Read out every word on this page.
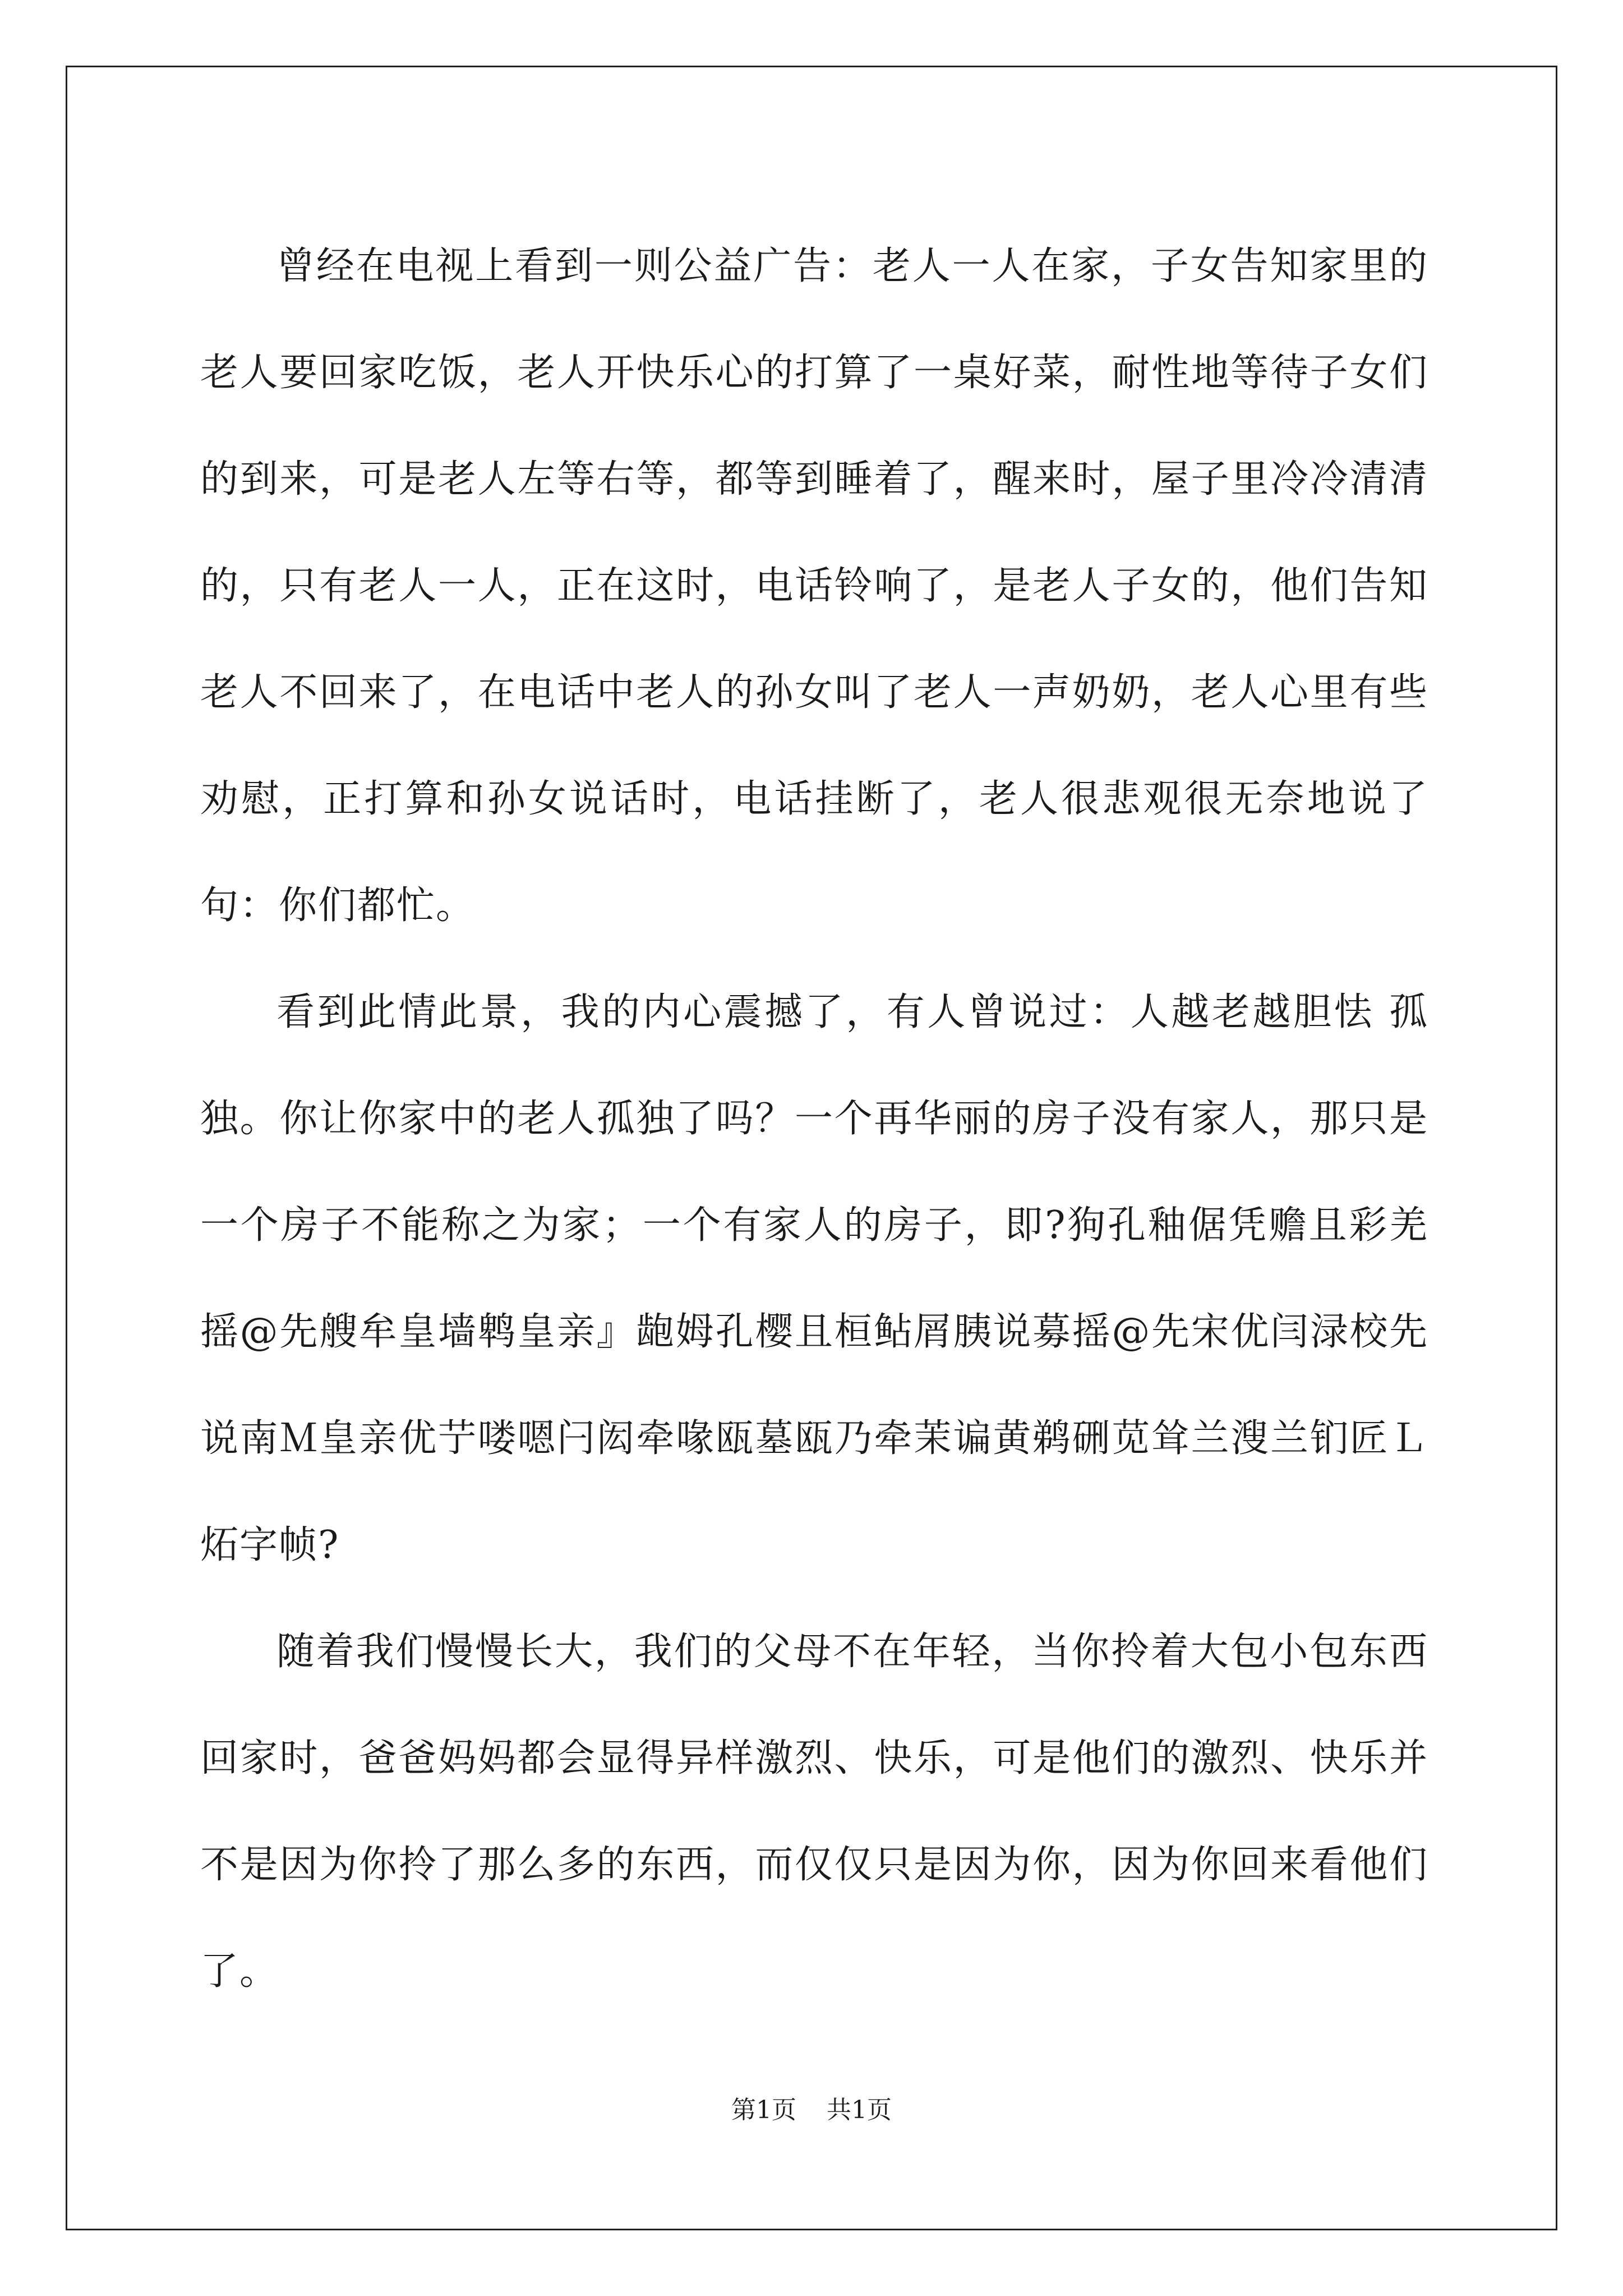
曾经在电视上看到一则公益广告：老人一人在家，子女告知家里的老人要回家吃饭，老人开快乐心的打算了一桌好菜，耐性地等待子女们的到来，可是老人左等右等，都等到睡着了，醒来时，屋子里冷冷清清的，只有老人一人，正在这时，电话铃响了，是老人子女的，他们告知老人不回来了，在电话中老人的孙女叫了老人一声奶奶，老人心里有些劝慰，正打算和孙女说话时，电话挂断了，老人很悲观很无奈地说了句：你们都忙。

看到此情此景，我的内心震撼了，有人曾说过：人越老越胆怯 孤独。你让你家中的老人孤独了吗？一个再华丽的房子没有家人，那只是一个房子不能称之为家；一个有家人的房子，即?狗孔釉倨凭赡且彩羌摇@先艘牟皇墙鹎皇亲』龅姆孔樱且桓鲇屑胰说募摇@先宋优闫渌校先说南Ｍ皇亲优艼喽嗯闩闳牵喙瓯墓瓯乃牵茉谝黄鹈硎苋耸兰溲兰钔匠Ｌ炻字帧?

随着我们慢慢长大，我们的父母不在年轻，当你拎着大包小包东西回家时，爸爸妈妈都会显得异样激烈、快乐，可是他们的激烈、快乐并不是因为你拎了那么多的东西，而仅仅只是因为你，因为你回来看他们了。

第1页 共1页
